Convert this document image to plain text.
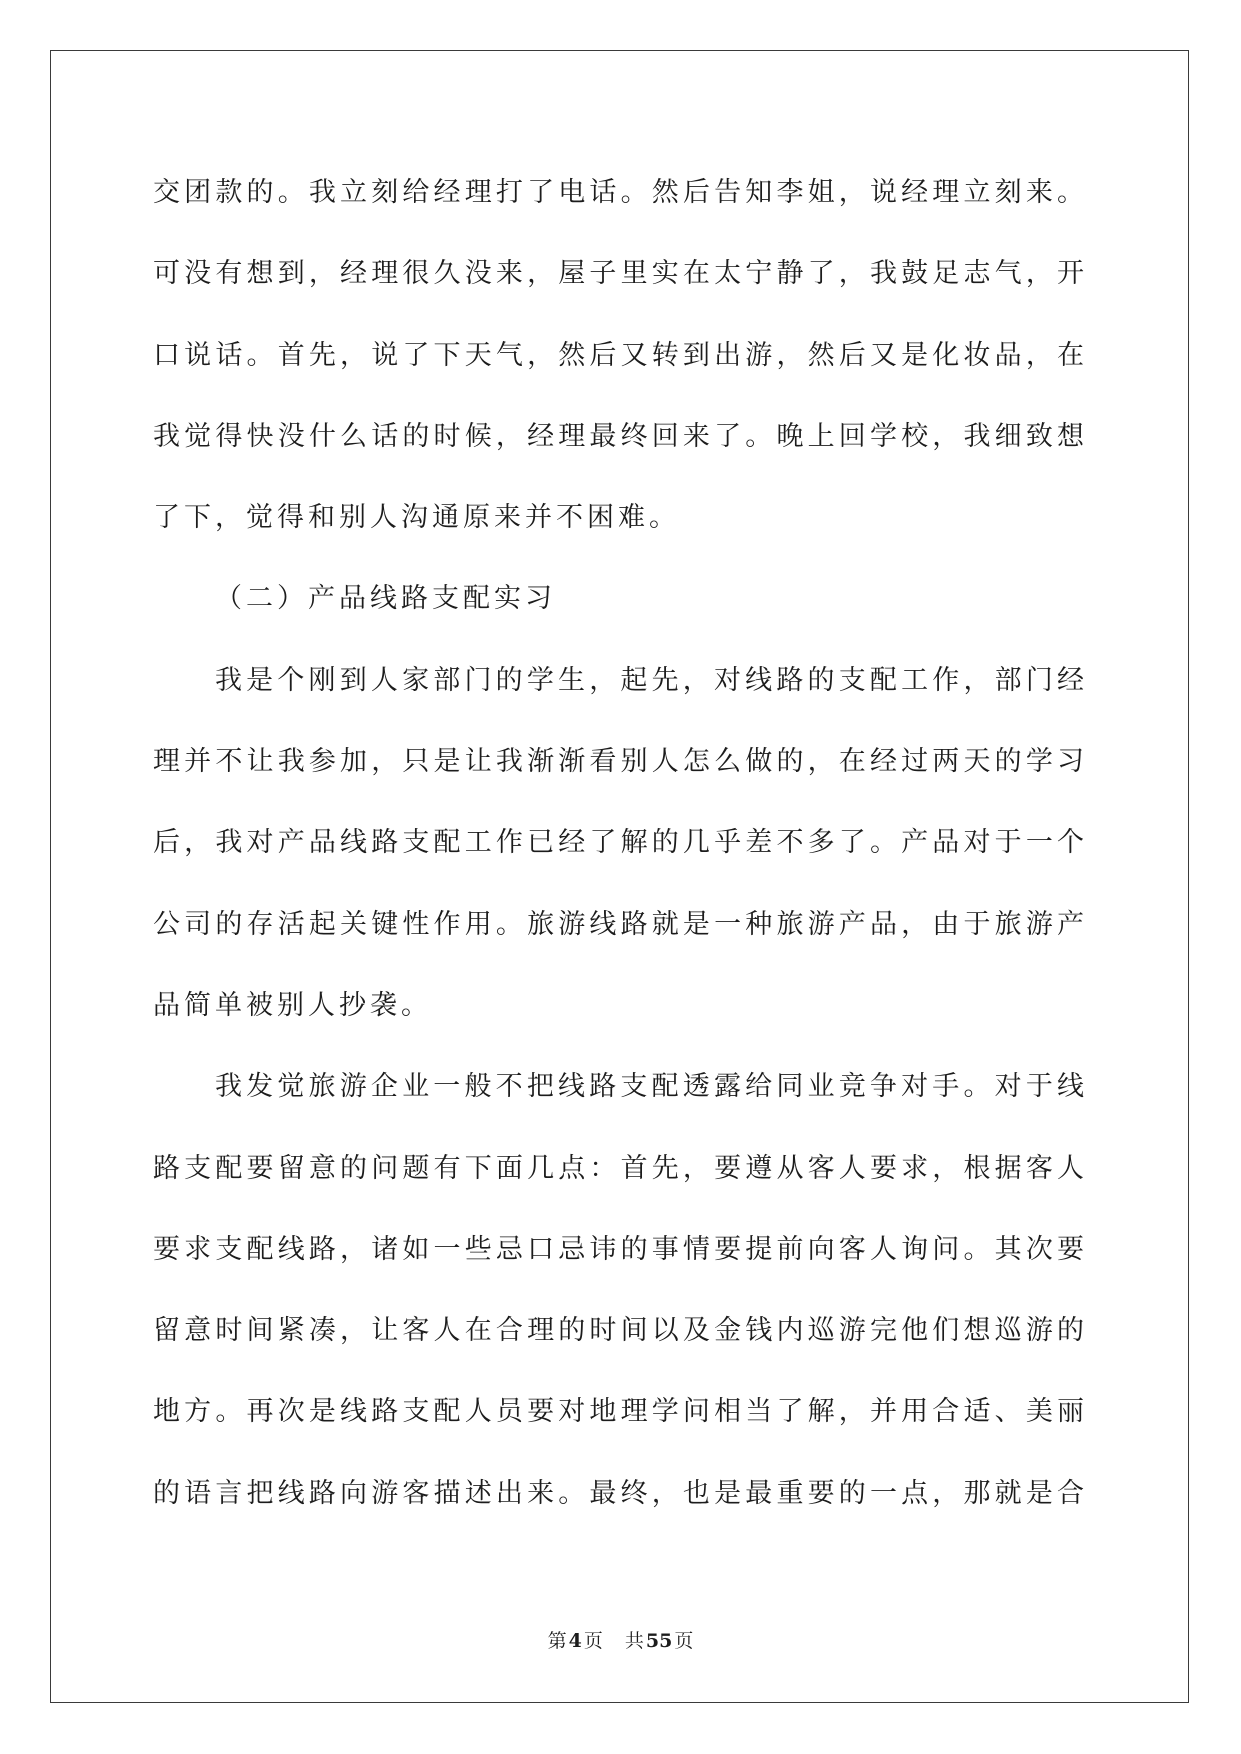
交团款的。我立刻给经理打了电话。然后告知李姐，说经理立刻来。
可没有想到，经理很久没来，屋子里实在太宁静了，我鼓足志气，开
口说话。首先，说了下天气，然后又转到出游，然后又是化妆品，在
我觉得快没什么话的时候，经理最终回来了。晚上回学校，我细致想
了下，觉得和别人沟通原来并不困难。
（二）产品线路支配实习
我是个刚到人家部门的学生，起先，对线路的支配工作，部门经
理并不让我参加，只是让我渐渐看别人怎么做的，在经过两天的学习
后，我对产品线路支配工作已经了解的几乎差不多了。产品对于一个
公司的存活起关键性作用。旅游线路就是一种旅游产品，由于旅游产
品简单被别人抄袭。
我发觉旅游企业一般不把线路支配透露给同业竞争对手。对于线
路支配要留意的问题有下面几点：首先，要遵从客人要求，根据客人
要求支配线路，诸如一些忌口忌讳的事情要提前向客人询问。其次要
留意时间紧凑，让客人在合理的时间以及金钱内巡游完他们想巡游的
地方。再次是线路支配人员要对地理学问相当了解，并用合适、美丽
的语言把线路向游客描述出来。最终，也是最重要的一点，那就是合
第 4 页 共 55 页
